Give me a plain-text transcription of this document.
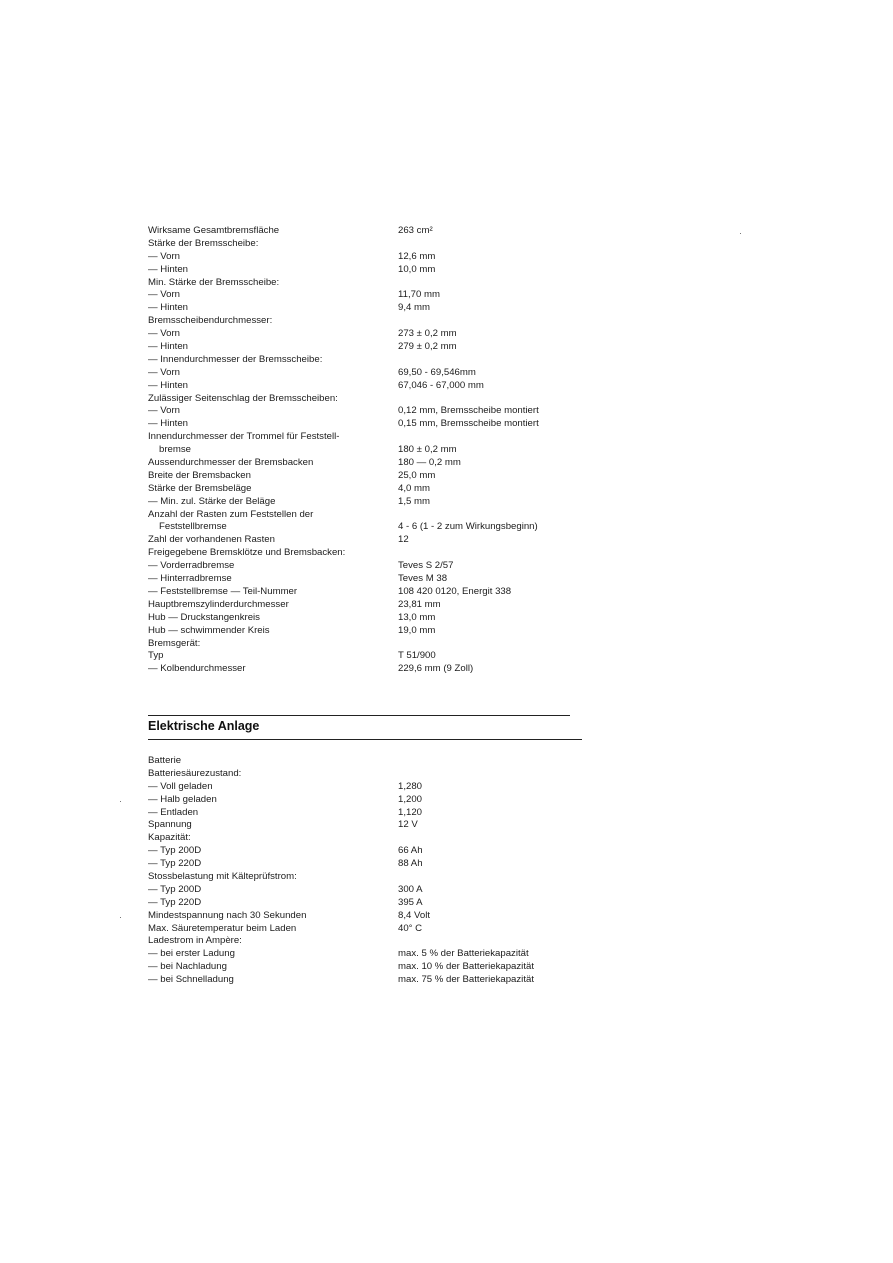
Wirksame Gesamtbremsfläche	263 cm²
Stärke der Bremsscheibe:
— Vorn	12,6 mm
— Hinten	10,0 mm
Min. Stärke der Bremsscheibe:
— Vorn	11,70 mm
— Hinten	9,4 mm
Bremsscheibendurchmesser:
— Vorn	273 ± 0,2 mm
— Hinten	279 ± 0,2 mm
— Innendurchmesser der Bremsscheibe:
— Vorn	69,50 - 69,546mm
— Hinten	67,046 - 67,000 mm
Zulässiger Seitenschlag der Bremsscheiben:
— Vorn	0,12 mm, Bremsscheibe montiert
— Hinten	0,15 mm, Bremsscheibe montiert
Innendurchmesser der Trommel für Feststell-
bremse	180 ± 0,2 mm
Aussendurchmesser der Bremsbacken	180 — 0,2 mm
Breite der Bremsbacken	25,0 mm
Stärke der Bremsbeläge	4,0 mm
— Min. zul. Stärke der Beläge	1,5 mm
Anzahl der Rasten zum Feststellen der
Feststellbremse	4 - 6 (1 - 2 zum Wirkungsbeginn)
Zahl der vorhandenen Rasten	12
Freigegebene Bremsklötze und Bremsbacken:
— Vorderradbremse	Teves S 2/57
— Hinterradbremse	Teves M 38
— Feststellbremse — Teil-Nummer	108 420 0120, Energit 338
Hauptbremszylinderdurchmesser	23,81 mm
Hub — Druckstangenkreis	13,0 mm
Hub — schwimmender Kreis	19,0 mm
Bremsgerät:
Typ	T 51/900
— Kolbendurchmesser	229,6 mm (9 Zoll)
Elektrische Anlage
Batterie
Batteriesäurezustand:
— Voll geladen	1,280
— Halb geladen	1,200
— Entladen	1,120
Spannung	12 V
Kapazität:
— Typ 200D	66 Ah
— Typ 220D	88 Ah
Stossbelastung mit Kälteprüfstrom:
— Typ 200D	300 A
— Typ 220D	395 A
Mindestspannung nach 30 Sekunden	8,4 Volt
Max. Säuretemperatur beim Laden	40° C
Ladestrom in Ampère:
— bei erster Ladung	max. 5 % der Batteriekapazität
— bei Nachladung	max. 10 % der Batteriekapazität
— bei Schnelladung	max. 75 % der Batteriekapazität
